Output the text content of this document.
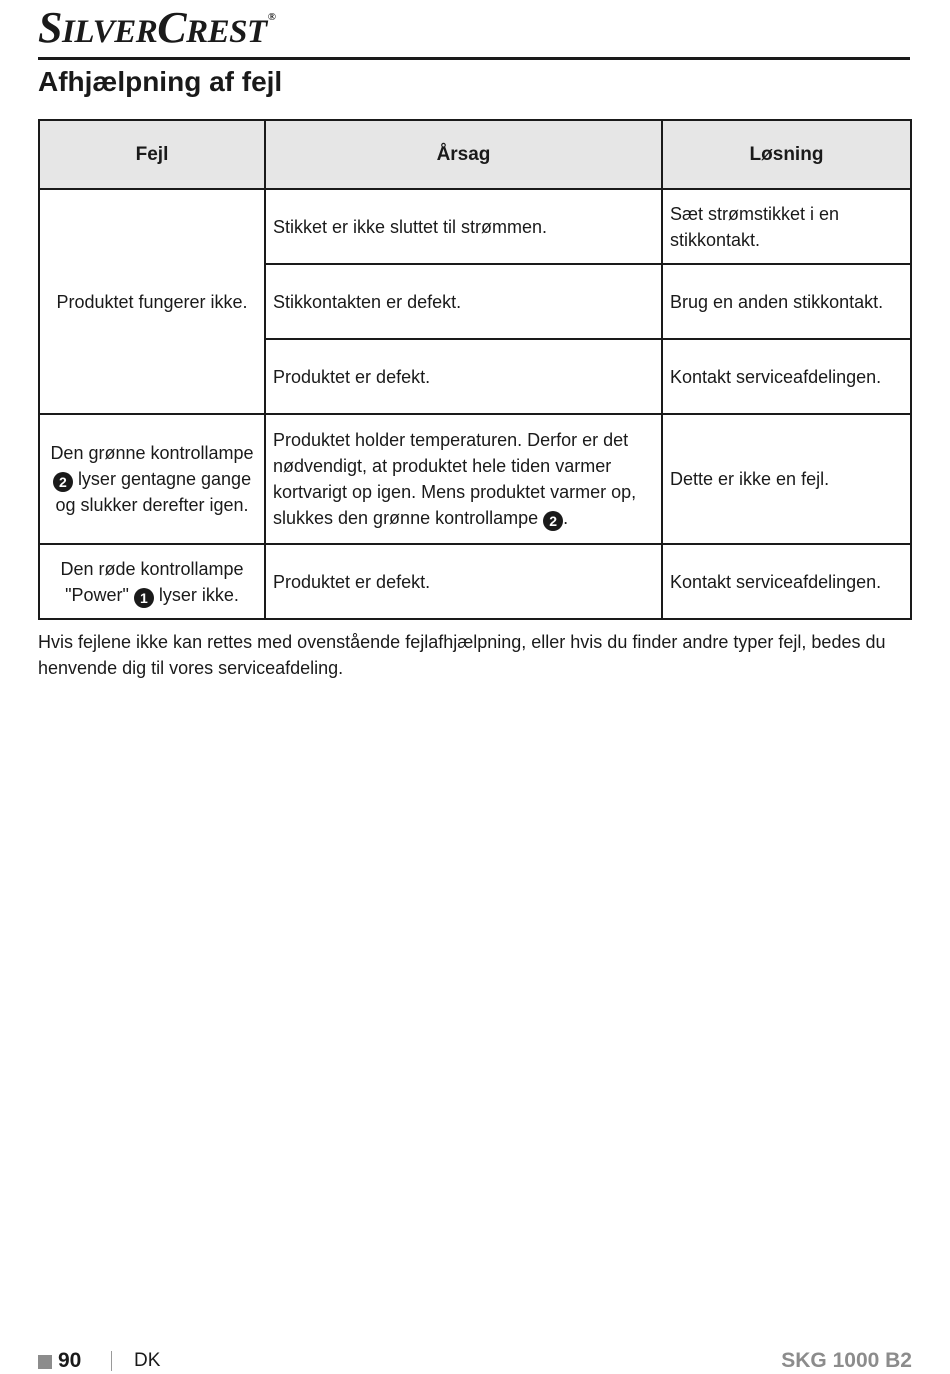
SILVERCREST®
Afhjælpning af fejl
Fejl	Årsag	Løsning
Produktet fungerer ikke.	Stikket er ikke sluttet til strømmen.	Sæt strømstikket i en stikkontakt.
	Stikkontakten er defekt.	Brug en anden stikkontakt.
	Produktet er defekt.	Kontakt serviceafdelingen.
Den grønne kontrollampe 2 lyser gentagne gange og slukker derefter igen.	Produktet holder temperaturen. Derfor er det nødvendigt, at produktet hele tiden varmer kortvarigt op igen. Mens produktet varmer op, slukkes den grønne kontrollampe 2 .	Dette er ikke en fejl.
Den røde kontrollampe "Power" 1 lyser ikke.	Produktet er defekt.	Kontakt serviceafdelingen.

Hvis fejlene ikke kan rettes med ovenstående fejlafhjælpning, eller hvis du finder andre typer fejl, bedes du henvende dig til vores serviceafdeling.

90	DK	SKG 1000 B2
